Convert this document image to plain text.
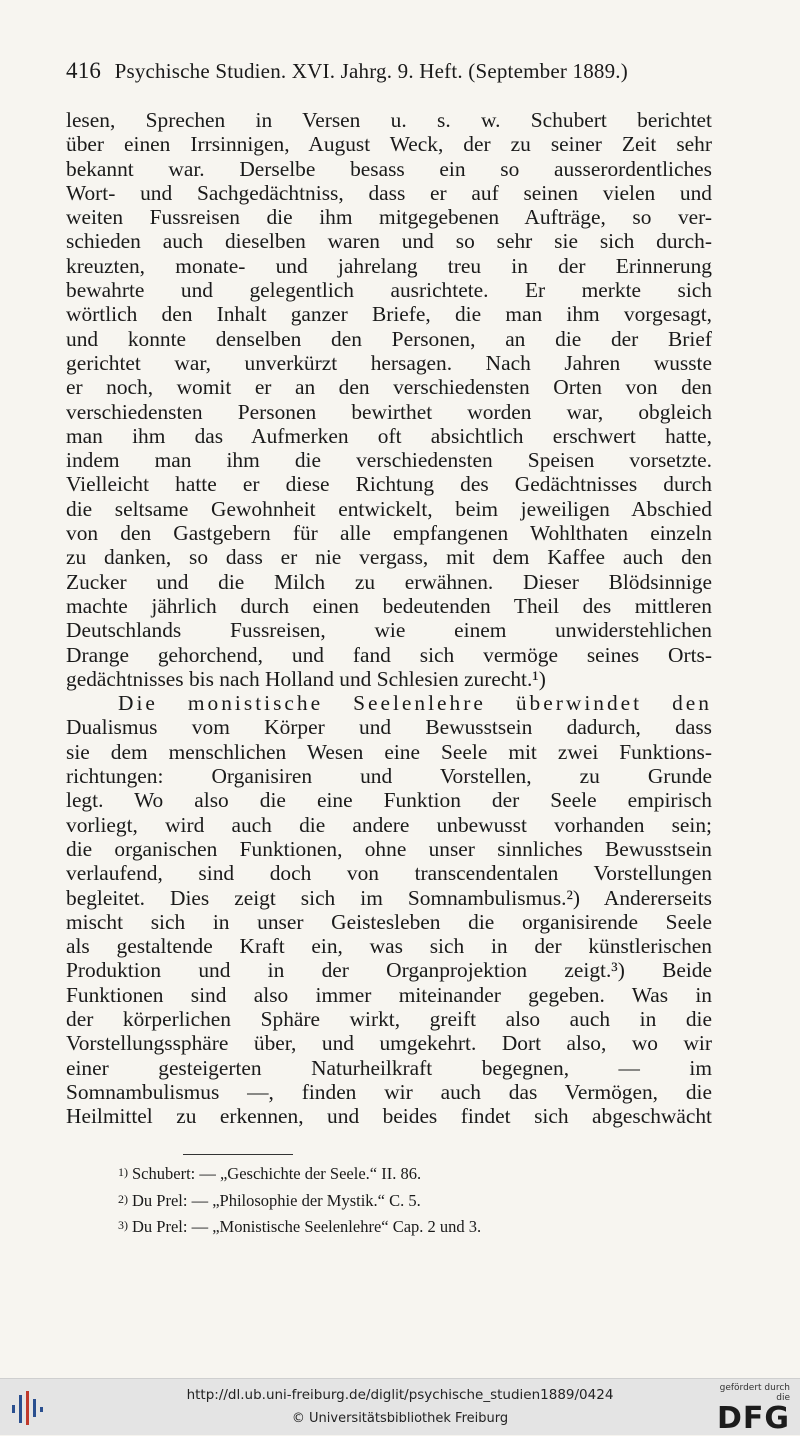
416 Psychische Studien. XVI. Jahrg. 9. Heft. (September 1889.)
lesen, Sprechen in Versen u. s. w. Schubert berichtet
über einen Irrsinnigen, August Weck, der zu seiner Zeit sehr
bekannt war. Derselbe besass ein so ausserordentliches
Wort- und Sachgedächtniss, dass er auf seinen vielen und
weiten Fussreisen die ihm mitgegebenen Aufträge, so ver-
schieden auch dieselben waren und so sehr sie sich durch-
kreuzten, monate- und jahrelang treu in der Erinnerung
bewahrte und gelegentlich ausrichtete. Er merkte sich
wörtlich den Inhalt ganzer Briefe, die man ihm vorgesagt,
und konnte denselben den Personen, an die der Brief
gerichtet war, unverkürzt hersagen. Nach Jahren wusste
er noch, womit er an den verschiedensten Orten von den
verschiedensten Personen bewirthet worden war, obgleich
man ihm das Aufmerken oft absichtlich erschwert hatte,
indem man ihm die verschiedensten Speisen vorsetzte.
Vielleicht hatte er diese Richtung des Gedächtnisses durch
die seltsame Gewohnheit entwickelt, beim jeweiligen Abschied
von den Gastgebern für alle empfangenen Wohlthaten einzeln
zu danken, so dass er nie vergass, mit dem Kaffee auch den
Zucker und die Milch zu erwähnen. Dieser Blödsinnige
machte jährlich durch einen bedeutenden Theil des mittleren
Deutschlands Fussreisen, wie einem unwiderstehlichen
Drange gehorchend, und fand sich vermöge seines Orts-
gedächtnisses bis nach Holland und Schlesien zurecht.¹)
Die monistische Seelenlehre überwindet den
Dualismus vom Körper und Bewusstsein dadurch, dass
sie dem menschlichen Wesen eine Seele mit zwei Funktions-
richtungen: Organisiren und Vorstellen, zu Grunde
legt. Wo also die eine Funktion der Seele empirisch
vorliegt, wird auch die andere unbewusst vorhanden sein;
die organischen Funktionen, ohne unser sinnliches Bewusstsein
verlaufend, sind doch von transcendentalen Vorstellungen
begleitet. Dies zeigt sich im Somnambulismus.²) Andererseits
mischt sich in unser Geistesleben die organisirende Seele
als gestaltende Kraft ein, was sich in der künstlerischen
Produktion und in der Organprojektion zeigt.³) Beide
Funktionen sind also immer miteinander gegeben. Was in
der körperlichen Sphäre wirkt, greift also auch in die
Vorstellungssphäre über, und umgekehrt. Dort also, wo wir
einer gesteigerten Naturheilkraft begegnen, — im
Somnambulismus —, finden wir auch das Vermögen, die
Heilmittel zu erkennen, und beides findet sich abgeschwächt
1) Schubert: — „Geschichte der Seele.“ II. 86.
2) Du Prel: — „Philosophie der Mystik.“ C. 5.
3) Du Prel: — „Monistische Seelenlehre“ Cap. 2 und 3.
http://dl.ub.uni-freiburg.de/diglit/psychische_studien1889/0424
© Universitätsbibliothek Freiburg
gefördert durch die
DFG
